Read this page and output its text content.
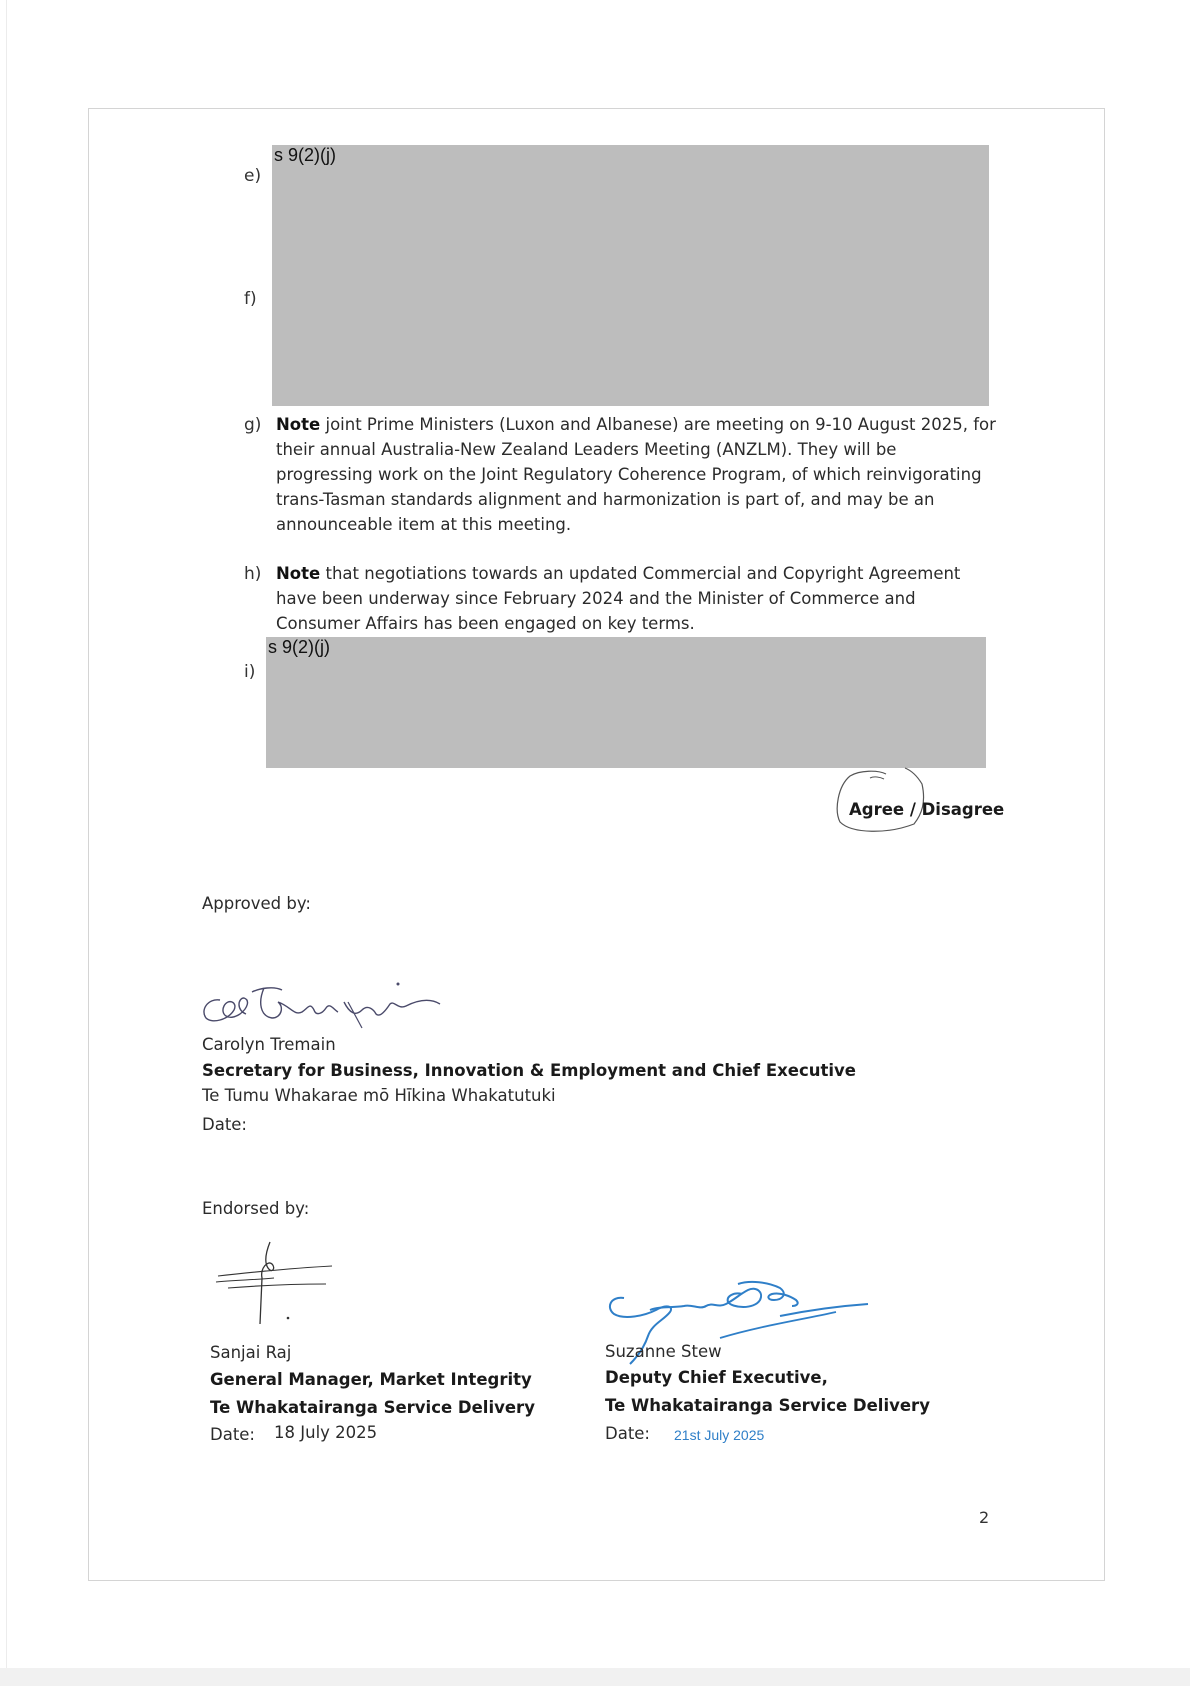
e)
f)
s 9(2)(j)
g) Note joint Prime Ministers (Luxon and Albanese) are meeting on 9-10 August 2025, for their annual Australia-New Zealand Leaders Meeting (ANZLM). They will be progressing work on the Joint Regulatory Coherence Program, of which reinvigorating trans-Tasman standards alignment and harmonization is part of, and may be an announceable item at this meeting.
h) Note that negotiations towards an updated Commercial and Copyright Agreement have been underway since February 2024 and the Minister of Commerce and Consumer Affairs has been engaged on key terms.
i)
s 9(2)(j)
Agree / Disagree
Approved by:
Carolyn Tremain
Secretary for Business, Innovation & Employment and Chief Executive
Te Tumu Whakarae mō Hīkina Whakatutuki
Date:
Endorsed by:
Sanjai Raj
General Manager, Market Integrity
Te Whakatairanga Service Delivery
Date: 18 July 2025
Suzanne Stew
Deputy Chief Executive,
Te Whakatairanga Service Delivery
Date: 21st July 2025
2
